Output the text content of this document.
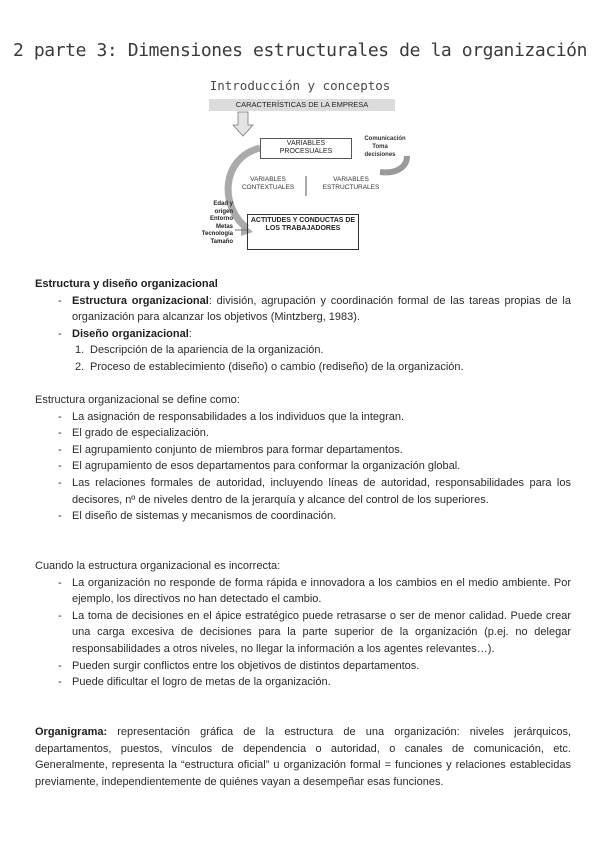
2 parte 3: Dimensiones estructurales de la organización
Introducción y conceptos
CARACTERÍSTICAS DE LA EMPRESA
VARIABLES PROCESUALES
Comunicación
Toma decisiones
VARIABLES CONTEXTUALES
VARIABLES ESTRUCTURALES
ACTITUDES Y CONDUCTAS DE LOS TRABAJADORES
Edad y origen
Entorno
Metas
Tecnología
Tamaño

Estructura y diseño organizacional

- Estructura organizacional: división, agrupación y coordinación formal de las tareas propias de la organización para alcanzar los objetivos (Mintzberg, 1983).
- Diseño organizacional:
1. Descripción de la apariencia de la organización.
2. Proceso de establecimiento (diseño) o cambio (rediseño) de la organización.

Estructura organizacional se define como:

- La asignación de responsabilidades a los individuos que la integran.
- El grado de especialización.
- El agrupamiento conjunto de miembros para formar departamentos.
- El agrupamiento de esos departamentos para conformar la organización global.
- Las relaciones formales de autoridad, incluyendo líneas de autoridad, responsabilidades para los decisores, nº de niveles dentro de la jerarquía y alcance del control de los superiores.
- El diseño de sistemas y mecanismos de coordinación.

Cuando la estructura organizacional es incorrecta:

- La organización no responde de forma rápida e innovadora a los cambios en el medio ambiente. Por ejemplo, los directivos no han detectado el cambio.
- La toma de decisiones en el ápice estratégico puede retrasarse o ser de menor calidad. Puede crear una carga excesiva de decisiones para la parte superior de la organización (p.ej. no delegar responsabilidades a otros niveles, no llegar la información a los agentes relevantes…).
- Pueden surgir conflictos entre los objetivos de distintos departamentos.
- Puede dificultar el logro de metas de la organización.

Organigrama: representación gráfica de la estructura de una organización: niveles jerárquicos, departamentos, puestos, vínculos de dependencia o autoridad, o canales de comunicación, etc. Generalmente, representa la “estructura oficial” u organización formal = funciones y relaciones establecidas previamente, independientemente de quiénes vayan a desempeñar esas funciones.
